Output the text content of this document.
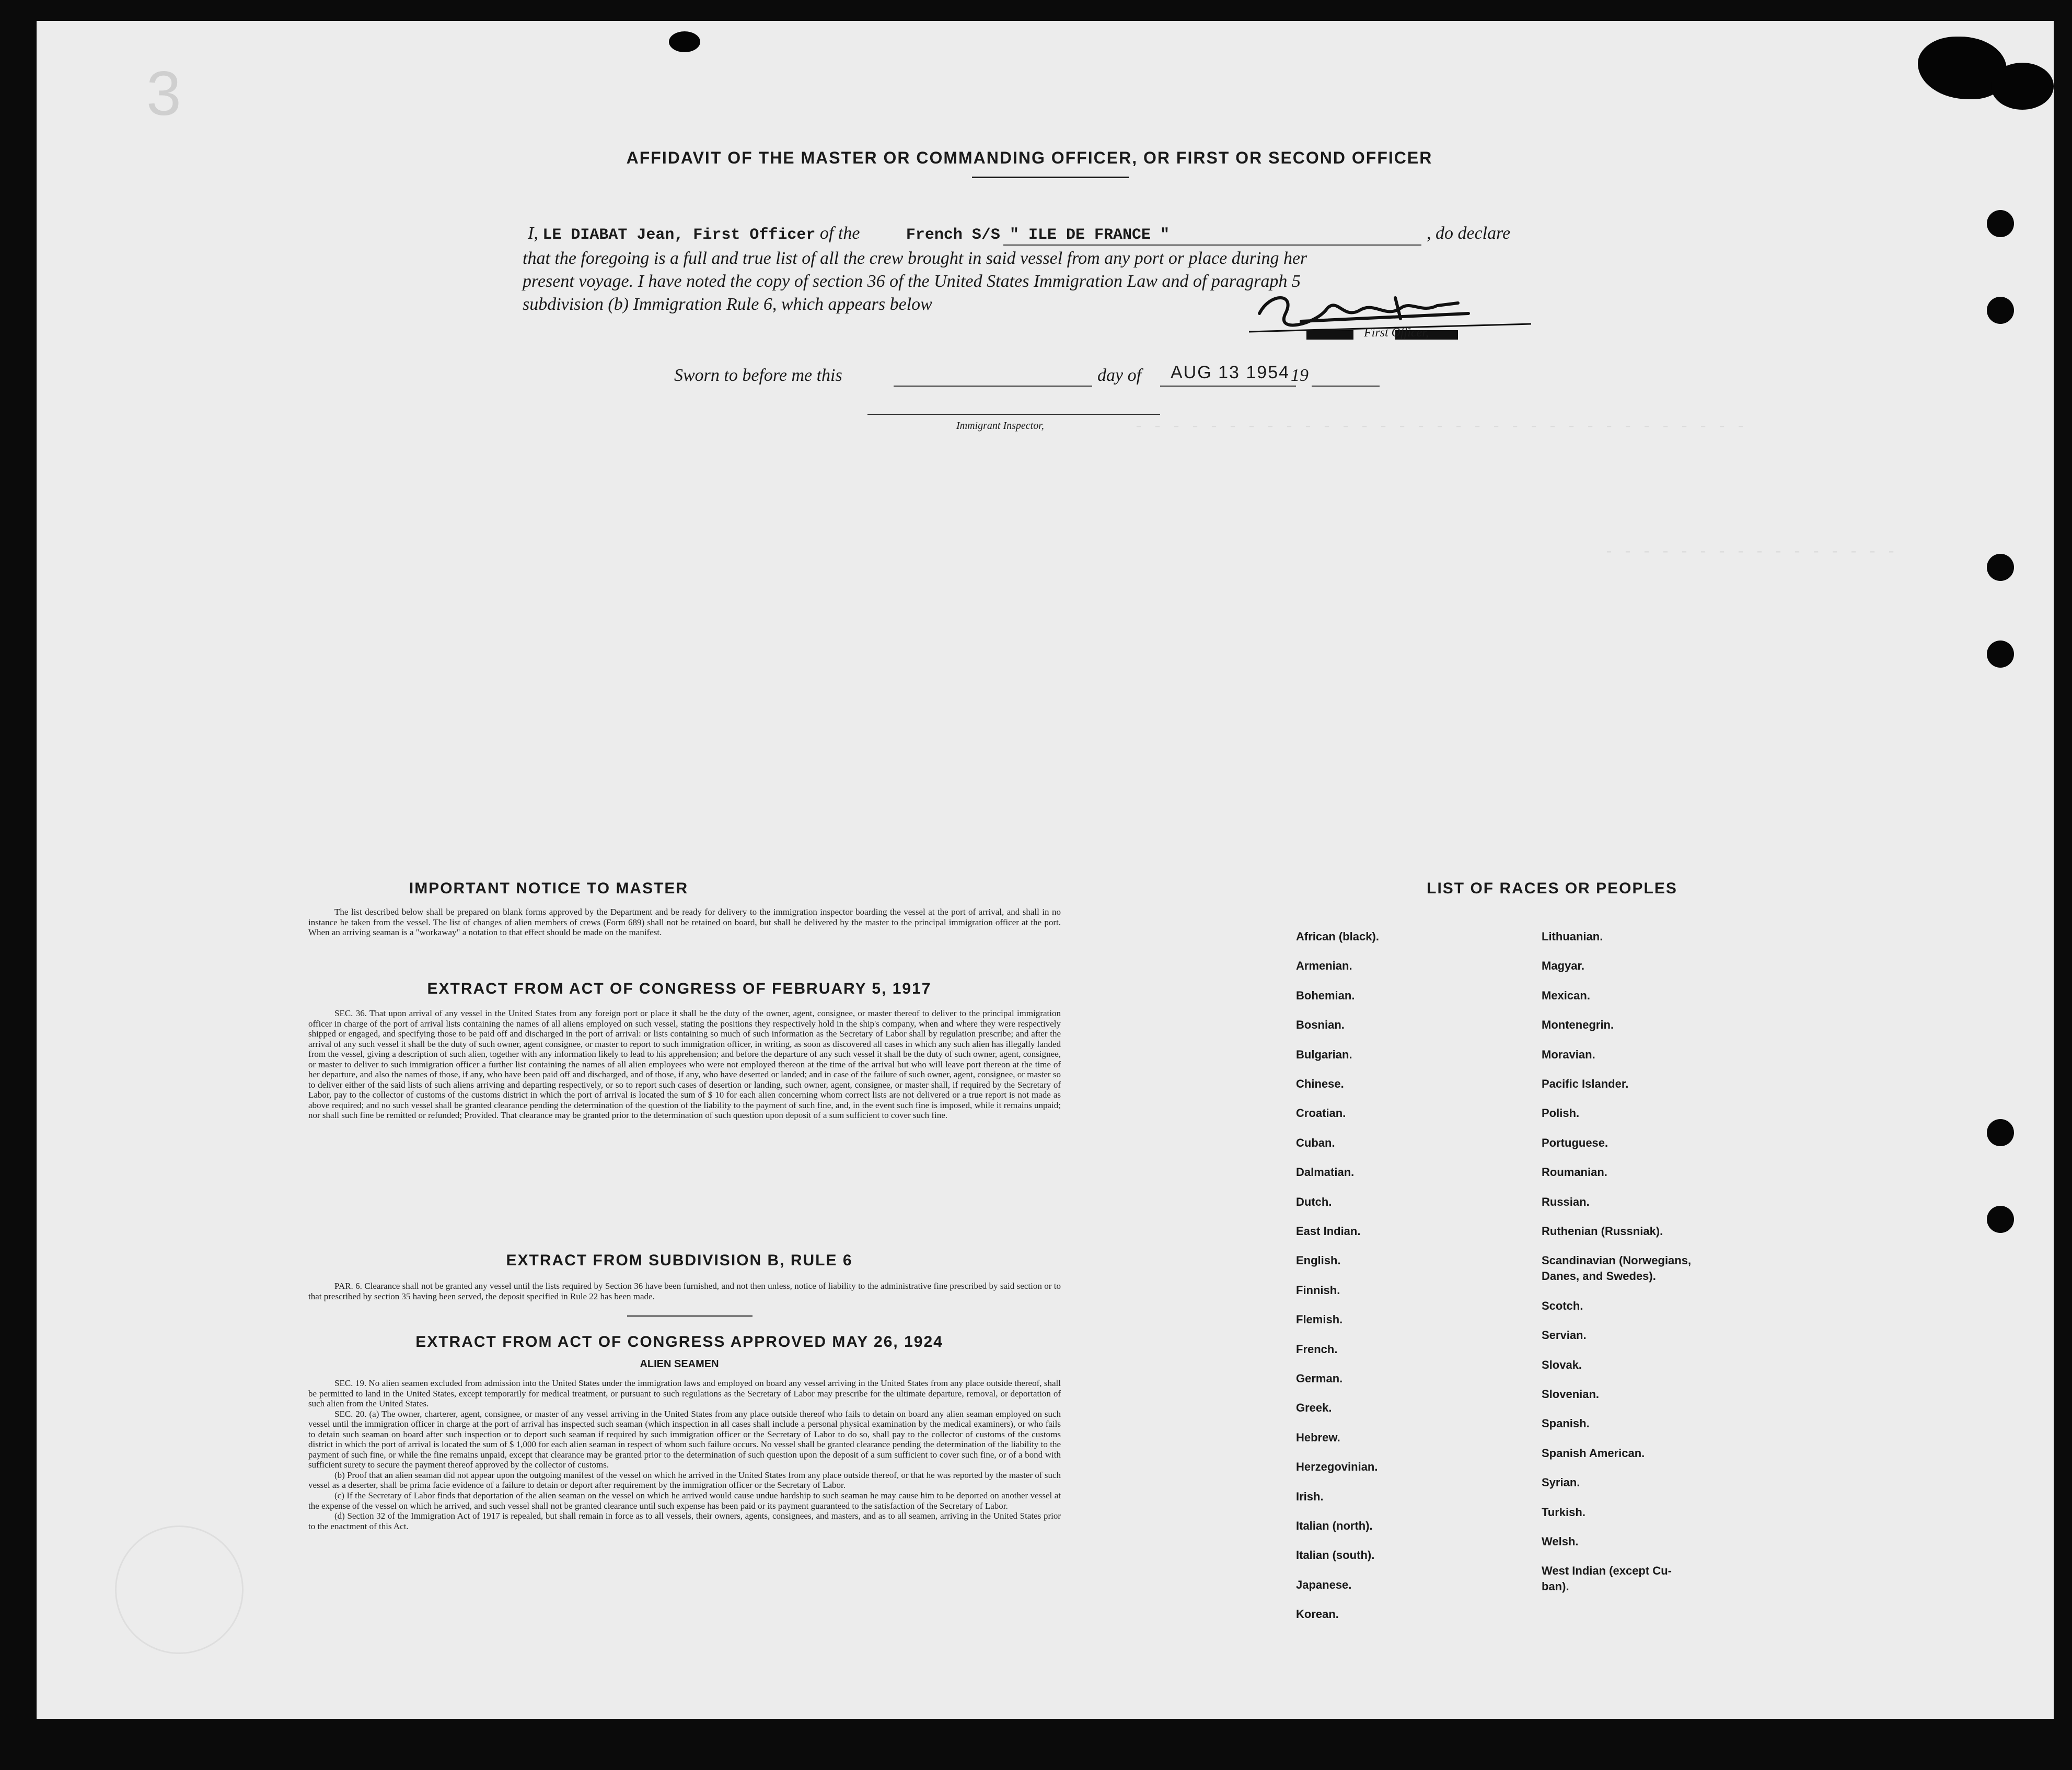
- - - - - - - - - - - - - - - - - - - - - - - - - - - - - - - - -
- - - - - - - - - - - - - - - -
3
AFFIDAVIT OF THE MASTER OR COMMANDING OFFICER, OR FIRST OR SECOND OFFICER
I, LE DIABAT Jean, First Officer of the	French S/S " ILE DE FRANCE "	, do declare
that the foregoing is a full and true list of all the crew brought in said vessel from any port or place during her
present voyage. I have noted the copy of section 36 of the United States Immigration Law and of paragraph 5
subdivision (b) Immigration Rule 6, which appears below
First Officer,
Sworn to before me this	day of AUG 13 1954 19
Immigrant Inspector,
IMPORTANT NOTICE TO MASTER

The list described below shall be prepared on blank forms approved by the Department and be ready for delivery to the immigration inspector boarding the vessel at the port of arrival, and shall in no instance be taken from the vessel. The list of changes of alien members of crews (Form 689) shall not be retained on board, but shall be delivered by the master to the principal immigration officer at the port. When an arriving seaman is a "workaway" a notation to that effect should be made on the manifest.

EXTRACT FROM ACT OF CONGRESS OF FEBRUARY 5, 1917

SEC. 36. That upon arrival of any vessel in the United States from any foreign port or place it shall be the duty of the owner, agent, consignee, or master thereof to deliver to the principal immigration officer in charge of the port of arrival lists containing the names of all aliens employed on such vessel, stating the positions they respectively hold in the ship's company, when and where they were respectively shipped or engaged, and specifying those to be paid off and discharged in the port of arrival: or lists containing so much of such information as the Secretary of Labor shall by regulation prescribe; and after the arrival of any such vessel it shall be the duty of such owner, agent consignee, or master to report to such immigration officer, in writing, as soon as discovered all cases in which any such alien has illegally landed from the vessel, giving a description of such alien, together with any information likely to lead to his apprehension; and before the departure of any such vessel it shall be the duty of such owner, agent, consignee, or master to deliver to such immigration officer a further list containing the names of all alien employees who were not employed thereon at the time of the arrival but who will leave port thereon at the time of her departure, and also the names of those, if any, who have been paid off and discharged, and of those, if any, who have deserted or landed; and in case of the failure of such owner, agent, consignee, or master so to deliver either of the said lists of such aliens arriving and departing respectively, or so to report such cases of desertion or landing, such owner, agent, consignee, or master shall, if required by the Secretary of Labor, pay to the collector of customs of the customs district in which the port of arrival is located the sum of $ 10 for each alien concerning whom correct lists are not delivered or a true report is not made as above required; and no such vessel shall be granted clearance pending the determination of the question of the liability to the payment of such fine, and, in the event such fine is imposed, while it remains unpaid; nor shall such fine be remitted or refunded; Provided. That clearance may be granted prior to the determination of such question upon deposit of a sum sufficient to cover such fine.

EXTRACT FROM SUBDIVISION B, RULE 6

PAR. 6. Clearance shall not be granted any vessel until the lists required by Section 36 have been furnished, and not then unless, notice of liability to the administrative fine prescribed by said section or to that prescribed by section 35 having been served, the deposit specified in Rule 22 has been made.

EXTRACT FROM ACT OF CONGRESS APPROVED MAY 26, 1924
ALIEN SEAMEN

SEC. 19. No alien seamen excluded from admission into the United States under the immigration laws and employed on board any vessel arriving in the United States from any place outside thereof, shall be permitted to land in the United States, except temporarily for medical treatment, or pursuant to such regulations as the Secretary of Labor may prescribe for the ultimate departure, removal, or deportation of such alien from the United States.

SEC. 20. (a) The owner, charterer, agent, consignee, or master of any vessel arriving in the United States from any place outside thereof who fails to detain on board any alien seaman employed on such vessel until the immigration officer in charge at the port of arrival has inspected such seaman (which inspection in all cases shall include a personal physical examination by the medical examiners), or who fails to detain such seaman on board after such inspection or to deport such seaman if required by such immigration officer or the Secretary of Labor to do so, shall pay to the collector of customs of the customs district in which the port of arrival is located the sum of $ 1,000 for each alien seaman in respect of whom such failure occurs. No vessel shall be granted clearance pending the determination of the liability to the payment of such fine, or while the fine remains unpaid, except that clearance may be granted prior to the determination of such question upon the deposit of a sum sufficient to cover such fine, or of a bond with sufficient surety to secure the payment thereof approved by the collector of customs.

(b) Proof that an alien seaman did not appear upon the outgoing manifest of the vessel on which he arrived in the United States from any place outside thereof, or that he was reported by the master of such vessel as a deserter, shall be prima facie evidence of a failure to detain or deport after requirement by the immigration officer or the Secretary of Labor.

(c) If the Secretary of Labor finds that deportation of the alien seaman on the vessel on which he arrived would cause undue hardship to such seaman he may cause him to be deported on another vessel at the expense of the vessel on which he arrived, and such vessel shall not be granted clearance until such expense has been paid or its payment guaranteed to the satisfaction of the Secretary of Labor.

(d) Section 32 of the Immigration Act of 1917 is repealed, but shall remain in force as to all vessels, their owners, agents, consignees, and masters, and as to all seamen, arriving in the United States prior to the enactment of this Act.

LIST OF RACES OR PEOPLES
African (black).
Armenian.
Bohemian.
Bosnian.
Bulgarian.
Chinese.
Croatian.
Cuban.
Dalmatian.
Dutch.
East Indian.
English.
Finnish.
Flemish.
French.
German.
Greek.
Hebrew.
Herzegovinian.
Irish.
Italian (north).
Italian (south).
Japanese.
Korean.
Lithuanian.
Magyar.
Mexican.
Montenegrin.
Moravian.
Pacific Islander.
Polish.
Portuguese.
Roumanian.
Russian.
Ruthenian (Russniak).
Scandinavian (Norwegians,
Danes, and Swedes).
Scotch.
Servian.
Slovak.
Slovenian.
Spanish.
Spanish American.
Syrian.
Turkish.
Welsh.
West Indian (except Cu-
ban).
